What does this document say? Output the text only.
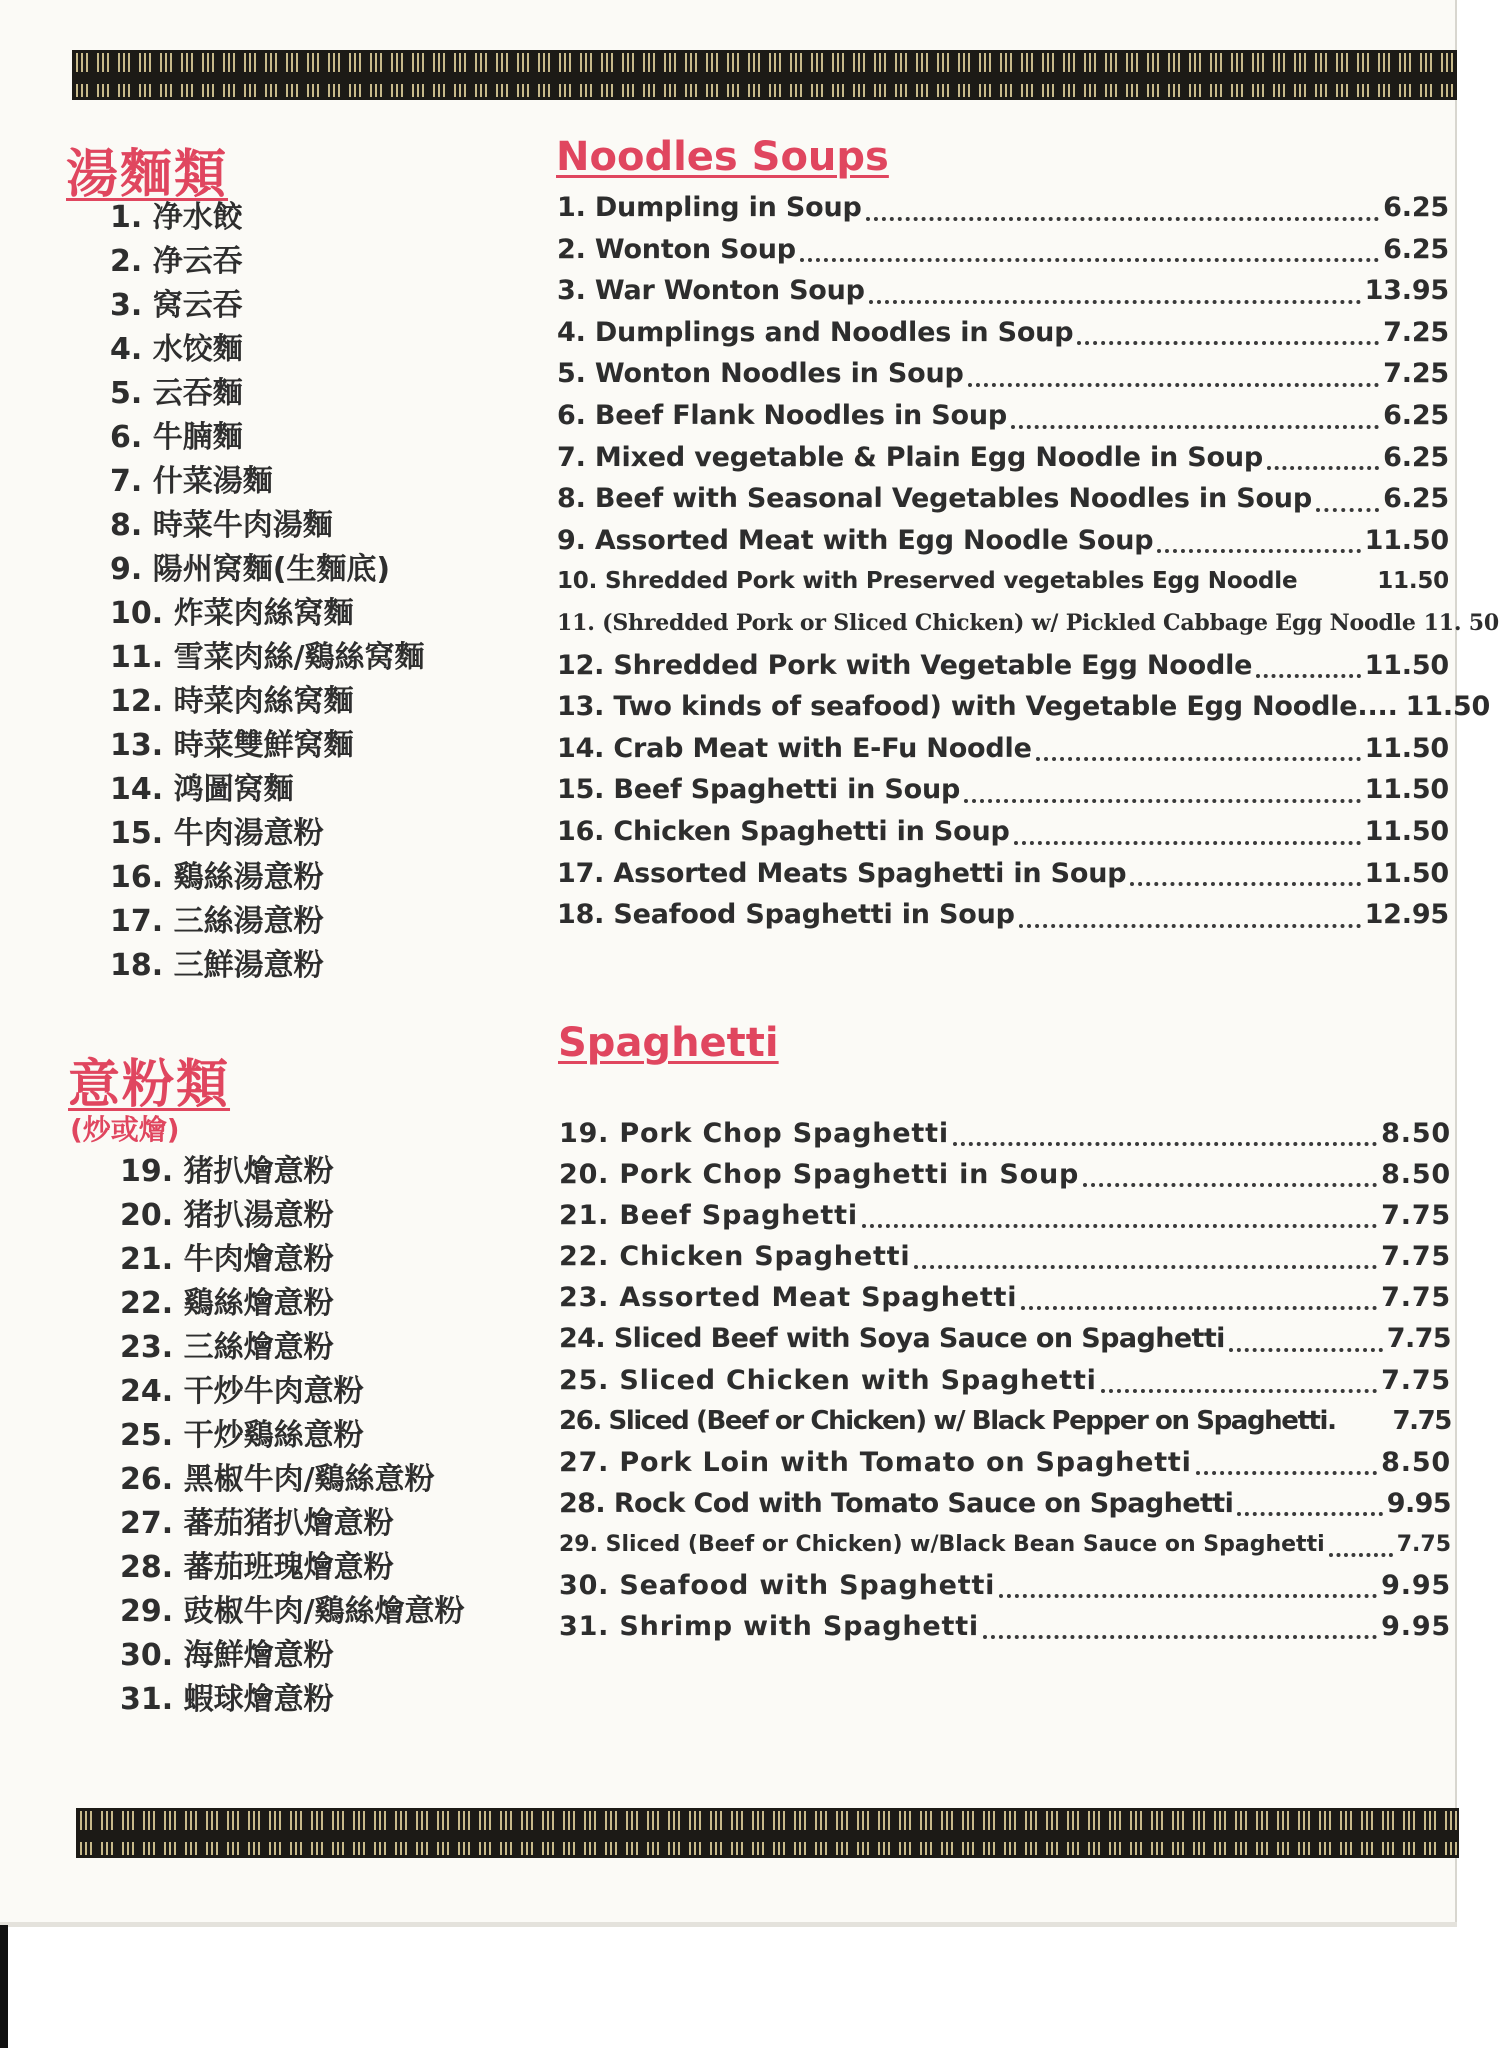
湯麵類
1. 净水餃
2. 净云吞
3. 窝云吞
4. 水饺麵
5. 云吞麵
6. 牛腩麵
7. 什菜湯麵
8. 時菜牛肉湯麵
9. 陽州窝麵(生麵底)
10. 炸菜肉絲窝麵
11. 雪菜肉絲/鷄絲窝麵
12. 時菜肉絲窝麵
13. 時菜雙鮮窝麵
14. 鸿圖窝麵
15. 牛肉湯意粉
16. 鷄絲湯意粉
17. 三絲湯意粉
18. 三鮮湯意粉
意粉類

(炒或燴)

19. 猪扒燴意粉
20. 猪扒湯意粉
21. 牛肉燴意粉
22. 鷄絲燴意粉
23. 三絲燴意粉
24. 干炒牛肉意粉
25. 干炒鷄絲意粉
26. 黑椒牛肉/鷄絲意粉
27. 蕃茄猪扒燴意粉
28. 蕃茄班瑰燴意粉
29. 豉椒牛肉/鷄絲燴意粉
30. 海鮮燴意粉
31. 蝦球燴意粉
Noodles Soups
1. Dumpling in Soup	6.25
2. Wonton Soup	6.25
3. War Wonton Soup	13.95
4. Dumplings and Noodles in Soup	7.25
5. Wonton Noodles in Soup	7.25
6. Beef Flank Noodles in Soup	6.25
7. Mixed vegetable & Plain Egg Noodle in Soup	6.25
8. Beef with Seasonal Vegetables Noodles in Soup	6.25
9. Assorted Meat with Egg Noodle Soup	11.50
10. Shredded Pork with Preserved vegetables Egg Noodle	11.50
11. (Shredded Pork or Sliced Chicken) w/ Pickled Cabbage Egg Noodle 11. 50
12. Shredded Pork with Vegetable Egg Noodle	11.50
13. Two kinds of seafood) with Vegetable Egg Noodle.... 11.50
14. Crab Meat with E-Fu Noodle	11.50
15. Beef Spaghetti in Soup	11.50
16. Chicken Spaghetti in Soup	11.50
17. Assorted Meats Spaghetti in Soup	11.50
18. Seafood Spaghetti in Soup	12.95
Spaghetti
19. Pork Chop Spaghetti	8.50
20. Pork Chop Spaghetti in Soup	8.50
21. Beef Spaghetti	7.75
22. Chicken Spaghetti	7.75
23. Assorted Meat Spaghetti	7.75
24. Sliced Beef with Soya Sauce on Spaghetti	7.75
25. Sliced Chicken with Spaghetti	7.75
26. Sliced (Beef or Chicken) w/ Black Pepper on Spaghetti. 7.75
27. Pork Loin with Tomato on Spaghetti	8.50
28. Rock Cod with Tomato Sauce on Spaghetti	9.95
29. Sliced (Beef or Chicken) w/Black Bean Sauce on Spaghetti	7.75
30. Seafood with Spaghetti	9.95
31. Shrimp with Spaghetti	9.95
